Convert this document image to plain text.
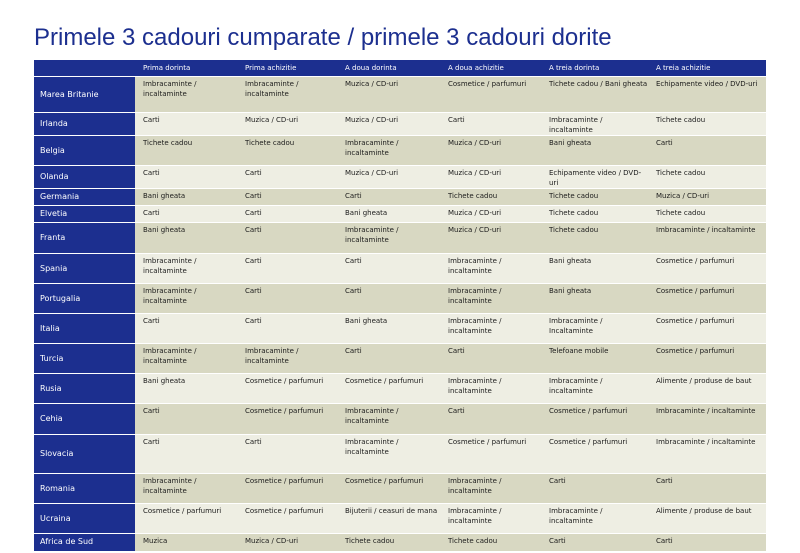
Primele 3 cadouri cumparate / primele 3 cadouri dorite
	Prima dorinta	Prima achizitie	A doua dorinta	A doua achizitie	A treia dorinta	A treia achizitie
Marea Britanie	Imbracaminte / incaltaminte	Imbracaminte / incaltaminte	Muzica / CD-uri	Cosmetice / parfumuri	Tichete cadou / Bani gheata	Echipamente video / DVD-uri
Irlanda	Carti	Muzica / CD-uri	Muzica / CD-uri	Carti	Imbracaminte / incaltaminte	Tichete cadou
Belgia	Tichete cadou	Tichete cadou	Imbracaminte / incaltaminte	Muzica / CD-uri	Bani gheata	Carti
Olanda	Carti	Carti	Muzica / CD-uri	Muzica / CD-uri	Echipamente video / DVD-uri	Tichete cadou
Germania	Bani gheata	Carti	Carti	Tichete cadou	Tichete cadou	Muzica / CD-uri
Elvetia	Carti	Carti	Bani gheata	Muzica / CD-uri	Tichete cadou	Tichete cadou
Franta	Bani gheata	Carti	Imbracaminte / incaltaminte	Muzica / CD-uri	Tichete cadou	Imbracaminte / incaltaminte
Spania	Imbracaminte / incaltaminte	Carti	Carti	Imbracaminte / incaltaminte	Bani gheata	Cosmetice / parfumuri
Portugalia	Imbracaminte / incaltaminte	Carti	Carti	Imbracaminte / incaltaminte	Bani gheata	Cosmetice / parfumuri
Italia	Carti	Carti	Bani gheata	Imbracaminte / incaltaminte	Imbracaminte / Incaltaminte	Cosmetice / parfumuri
Turcia	Imbracaminte / incaltaminte	Imbracaminte / incaltaminte	Carti	Carti	Telefoane mobile	Cosmetice / parfumuri
Rusia	Bani gheata	Cosmetice / parfumuri	Cosmetice / parfumuri	Imbracaminte / incaltaminte	Imbracaminte / incaltaminte	Alimente / produse de baut
Cehia	Carti	Cosmetice / parfumuri	Imbracaminte / incaltaminte	Carti	Cosmetice / parfumuri	Imbracaminte / incaltaminte
Slovacia	Carti	Carti	Imbracaminte / incaltaminte	Cosmetice / parfumuri	Cosmetice / parfumuri	Imbracaminte / incaltaminte
Romania	Imbracaminte / incaltaminte	Cosmetice / parfumuri	Cosmetice / parfumuri	Imbracaminte / incaltaminte	Carti	Carti
Ucraina	Cosmetice / parfumuri	Cosmetice / parfumuri	Bijuterii / ceasuri de mana	Imbracaminte / incaltaminte	Imbracaminte / incaltaminte	Alimente / produse de baut
Africa de Sud	Muzica	Muzica / CD-uri	Tichete cadou	Tichete cadou	Carti	Carti
